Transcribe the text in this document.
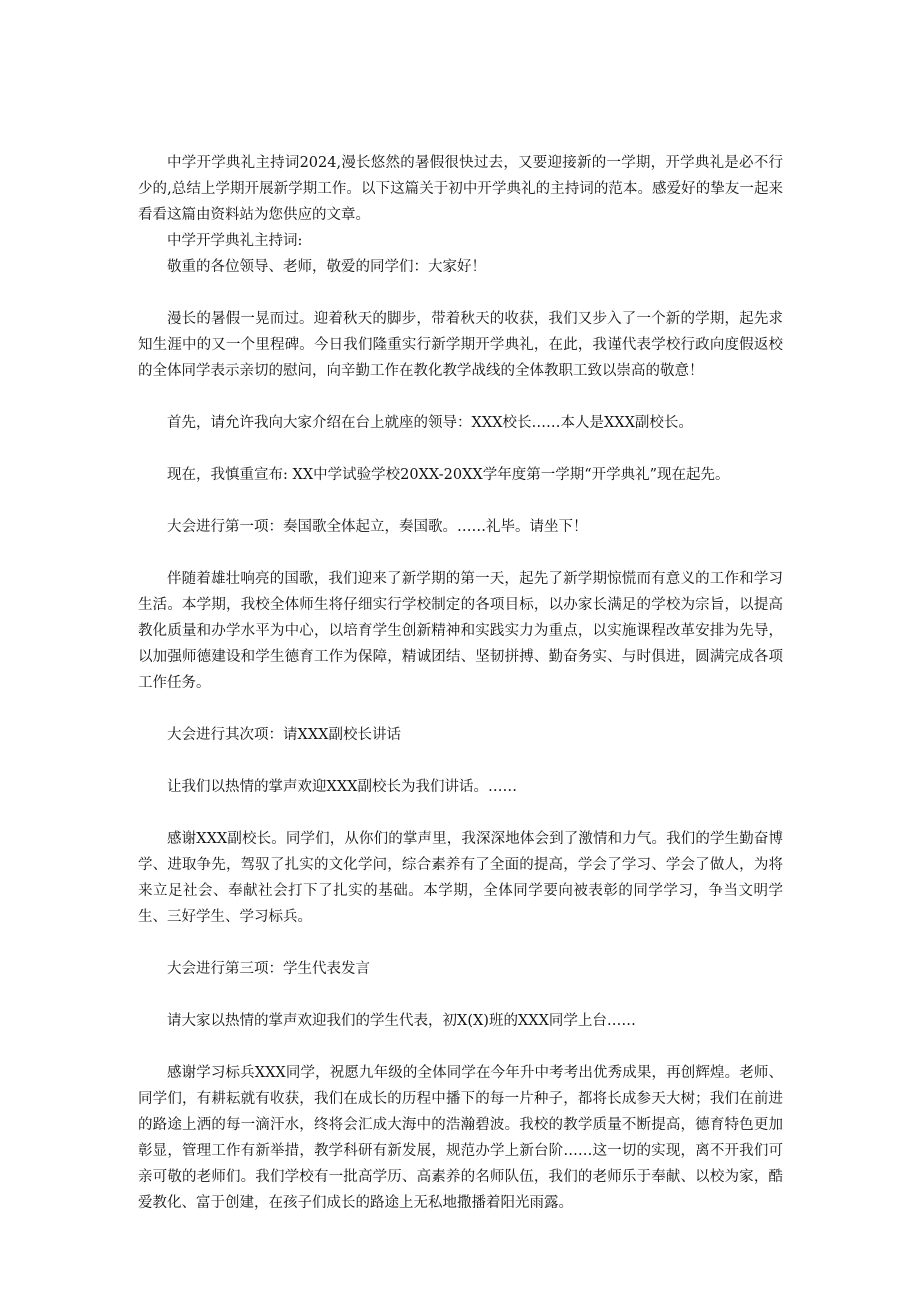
中学开学典礼主持词2024,漫长悠然的暑假很快过去，又要迎接新的一学期，开学典礼是必不行少的,总结上学期开展新学期工作。以下这篇关于初中开学典礼的主持词的范本。感爱好的挚友一起来看看这篇由资料站为您供应的文章。

中学开学典礼主持词:

敬重的各位领导、老师，敬爱的同学们：大家好！

漫长的暑假一晃而过。迎着秋天的脚步，带着秋天的收获，我们又步入了一个新的学期，起先求知生涯中的又一个里程碑。今日我们隆重实行新学期开学典礼，在此，我谨代表学校行政向度假返校的全体同学表示亲切的慰问，向辛勤工作在教化教学战线的全体教职工致以崇高的敬意！

首先，请允许我向大家介绍在台上就座的领导：XXX校长……本人是XXX副校长。

现在，我慎重宣布: XX中学试验学校20XX-20XX学年度第一学期“开学典礼”现在起先。

大会进行第一项：奏国歌全体起立，奏国歌。……礼毕。请坐下！

伴随着雄壮响亮的国歌，我们迎来了新学期的第一天，起先了新学期惊慌而有意义的工作和学习生活。本学期，我校全体师生将仔细实行学校制定的各项目标，以办家长满足的学校为宗旨，以提高教化质量和办学水平为中心，以培育学生创新精神和实践实力为重点，以实施课程改革安排为先导，以加强师德建设和学生德育工作为保障，精诚团结、坚韧拼搏、勤奋务实、与时俱进，圆满完成各项工作任务。

大会进行其次项：请XXX副校长讲话

让我们以热情的掌声欢迎XXX副校长为我们讲话。……

感谢XXX副校长。同学们，从你们的掌声里，我深深地体会到了激情和力气。我们的学生勤奋博学、进取争先，驾驭了扎实的文化学问，综合素养有了全面的提高，学会了学习、学会了做人，为将来立足社会、奉献社会打下了扎实的基础。本学期，全体同学要向被表彰的同学学习，争当文明学生、三好学生、学习标兵。

大会进行第三项：学生代表发言

请大家以热情的掌声欢迎我们的学生代表，初X(X)班的XXX同学上台……

感谢学习标兵XXX同学，祝愿九年级的全体同学在今年升中考考出优秀成果，再创辉煌。老师、同学们，有耕耘就有收获，我们在成长的历程中播下的每一片种子，都将长成参天大树；我们在前进的路途上洒的每一滴汗水，终将会汇成大海中的浩瀚碧波。我校的教学质量不断提高，德育特色更加彰显，管理工作有新举措，教学科研有新发展，规范办学上新台阶……这一切的实现，离不开我们可亲可敬的老师们。我们学校有一批高学历、高素养的名师队伍，我们的老师乐于奉献、以校为家，酷爱教化、富于创建，在孩子们成长的路途上无私地撒播着阳光雨露。
